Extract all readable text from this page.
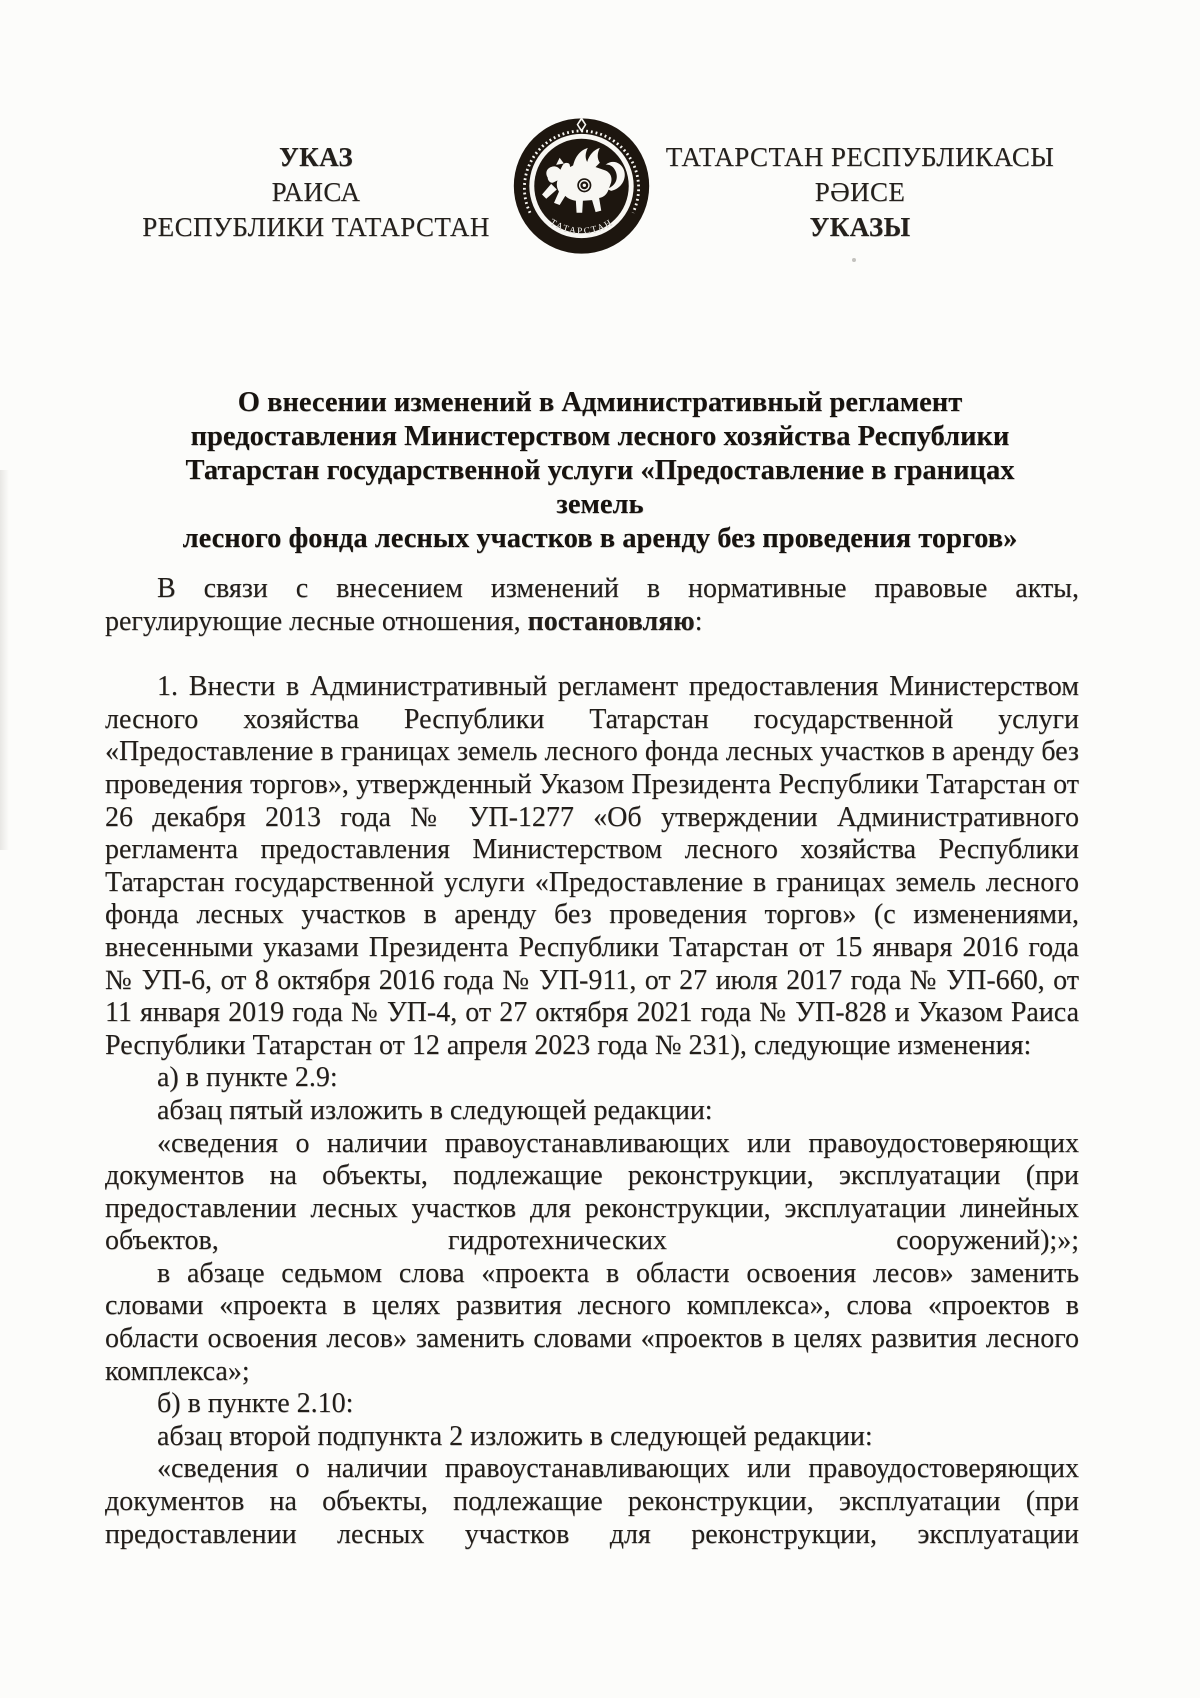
УКАЗ
РАИСА
РЕСПУБЛИКИ ТАТАРСТАН	ТАТАРСТАН
ТАТАРСТАН РЕСПУБЛИКАСЫ
РӘИСЕ
УКАЗЫ
О внесении изменений в Административный регламент
предоставления Министерством лесного хозяйства Республики
Татарстан государственной услуги «Предоставление в границах земель
лесного фонда лесных участков в аренду без проведения торгов»

В связи с внесением изменений в нормативные правовые акты, регулирующие лесные отношения, постановляю:

1. Внести в Административный регламент предоставления Министерством лесного хозяйства Республики Татарстан государственной услуги «Предоставление в границах земель лесного фонда лесных участков в аренду без проведения торгов», утвержденный Указом Президента Республики Татарстан от 26 декабря 2013 года № УП-1277 «Об утверждении Административного регламента предоставления Министерством лесного хозяйства Республики Татарстан государственной услуги «Предоставление в границах земель лесного фонда лесных участков в аренду без проведения торгов» (с изменениями, внесенными указами Президента Республики Татарстан от 15 января 2016 года № УП-6, от 8 октября 2016 года № УП-911, от 27 июля 2017 года № УП-660, от 11 января 2019 года № УП-4, от 27 октября 2021 года № УП-828 и Указом Раиса Республики Татарстан от 12 апреля 2023 года № 231), следующие изменения:

а) в пункте 2.9:

абзац пятый изложить в следующей редакции:

«сведения о наличии правоустанавливающих или правоудостоверяющих документов на объекты, подлежащие реконструкции, эксплуатации (при предоставлении лесных участков для реконструкции, эксплуатации линейных объектов, гидротехнических сооружений);»;

в абзаце седьмом слова «проекта в области освоения лесов» заменить словами «проекта в целях развития лесного комплекса», слова «проектов в области освоения лесов» заменить словами «проектов в целях развития лесного комплекса»;

б) в пункте 2.10:

абзац второй подпункта 2 изложить в следующей редакции:

«сведения о наличии правоустанавливающих или правоудостоверяющих документов на объекты, подлежащие реконструкции, эксплуатации (при предоставлении лесных участков для реконструкции, эксплуатации
